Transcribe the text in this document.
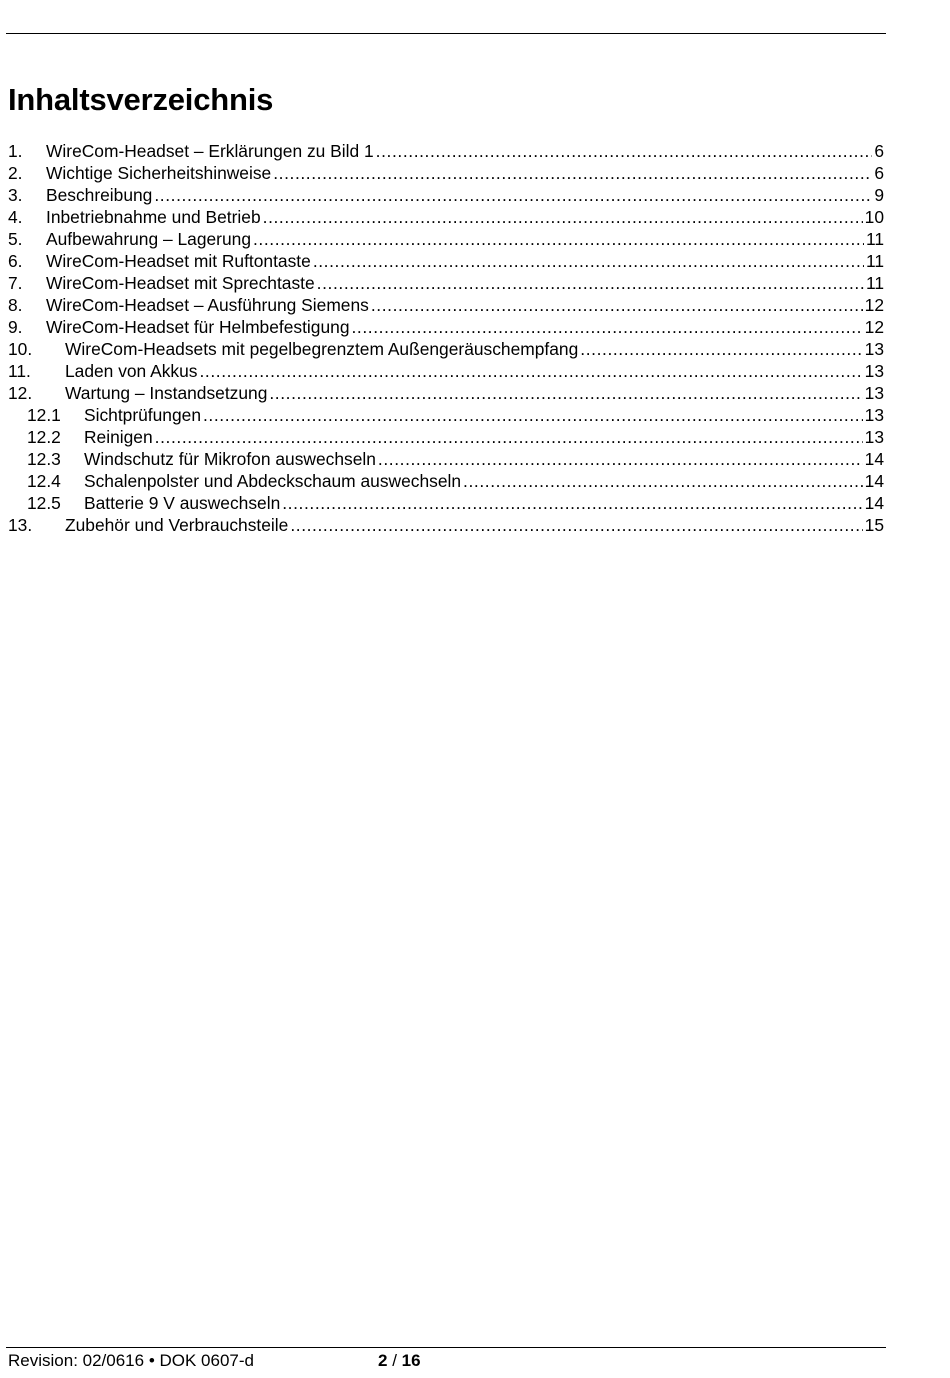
Inhaltsverzeichnis
1.	WireCom-Headset – Erklärungen zu Bild 1 .....	6
2.	Wichtige Sicherheitshinweise .....	6
3.	Beschreibung .....	9
4.	Inbetriebnahme und Betrieb .....	10
5.	Aufbewahrung – Lagerung .....	11
6.	WireCom-Headset mit Ruftontaste .....	11
7.	WireCom-Headset mit Sprechtaste .....	11
8.	WireCom-Headset – Ausführung Siemens .....	12
9.	WireCom-Headset für Helmbefestigung .....	12
10.	WireCom-Headsets mit pegelbegrenztem Außengeräuschempfang .....	13
11.	Laden von Akkus .....	13
12.	Wartung – Instandsetzung .....	13
12.1	Sichtprüfungen .....	13
12.2	Reinigen .....	13
12.3	Windschutz für Mikrofon auswechseln .....	14
12.4	Schalenpolster und Abdeckschaum auswechseln .....	14
12.5	Batterie 9 V auswechseln .....	14
13.	Zubehör und Verbrauchsteile .....	15
Revision: 02/0616 • DOK 0607-d	2 / 16
